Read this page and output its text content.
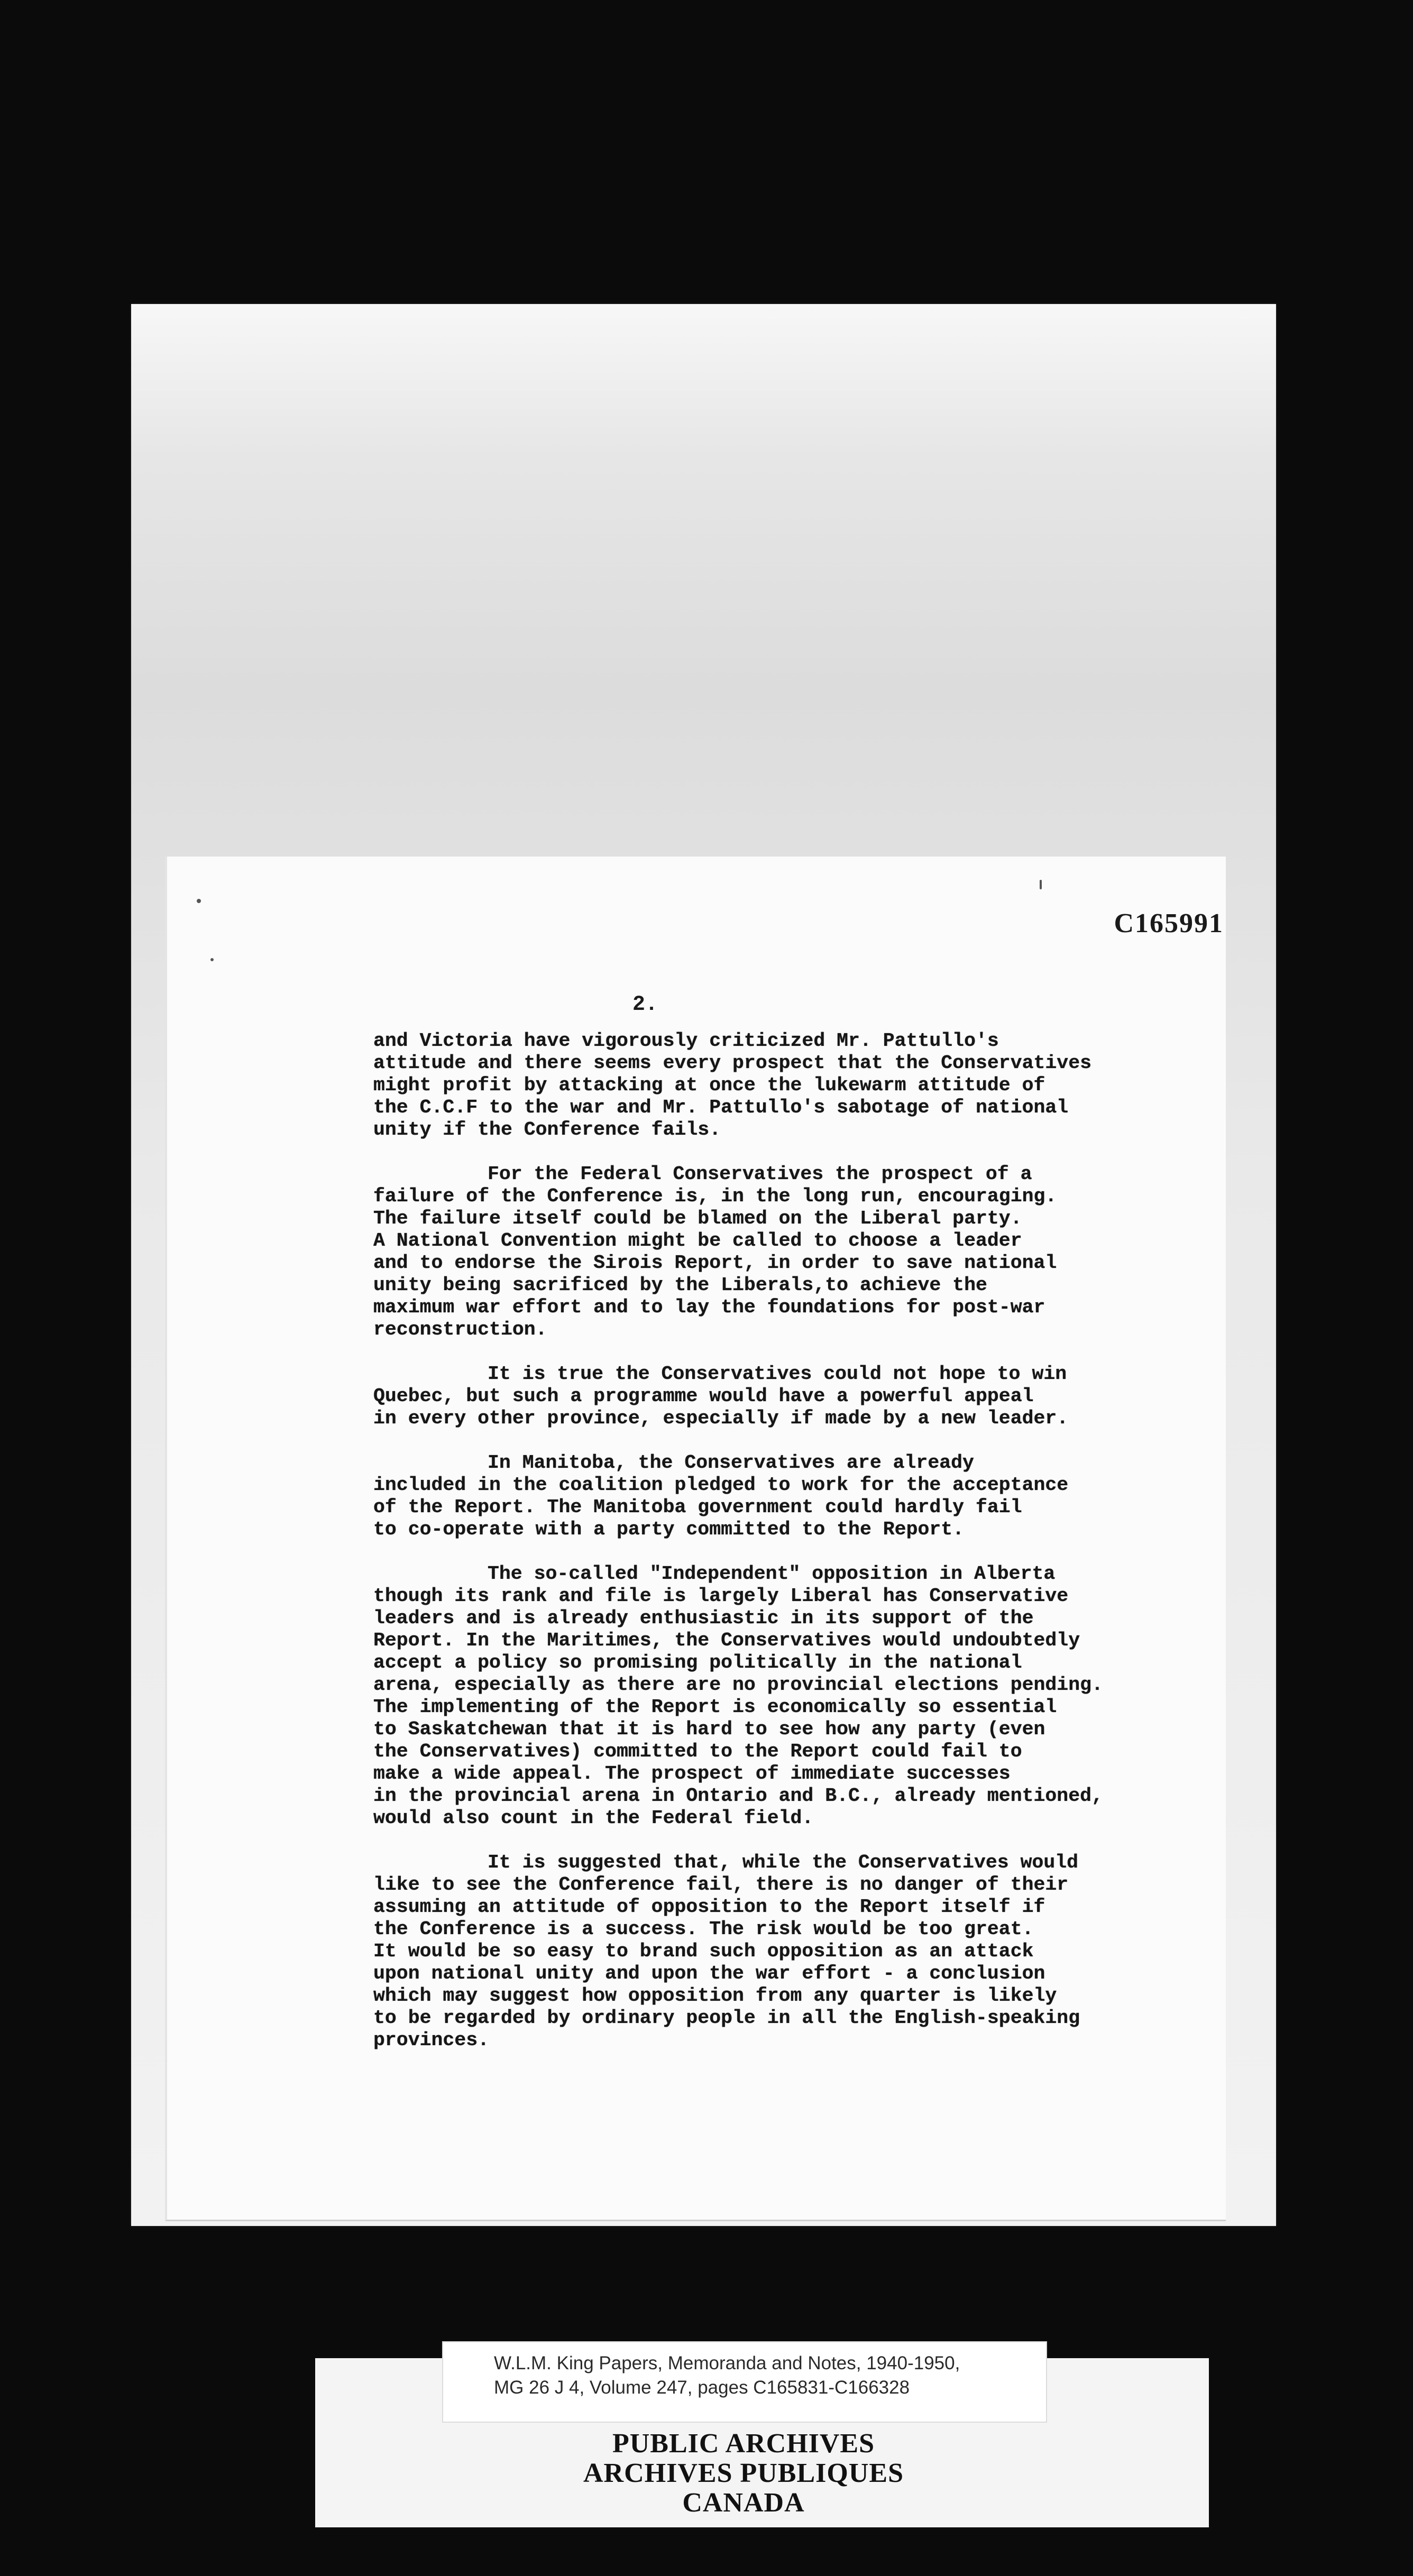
C165991
2.

and Victoria have vigorously criticized Mr. Pattullo's
attitude and there seems every prospect that the Conservatives
might profit by attacking at once the lukewarm attitude of
the C.C.F to the war and Mr. Pattullo's sabotage of national
unity if the Conference fails.

For the Federal Conservatives the prospect of a
failure of the Conference is, in the long run, encouraging.
The failure itself could be blamed on the Liberal party.
A National Convention might be called to choose a leader
and to endorse the Sirois Report, in order to save national
unity being sacrificed by the Liberals,to achieve the
maximum war effort and to lay the foundations for post-war
reconstruction.

It is true the Conservatives could not hope to win
Quebec, but such a programme would have a powerful appeal
in every other province, especially if made by a new leader.

In Manitoba, the Conservatives are already
included in the coalition pledged to work for the acceptance
of the Report. The Manitoba government could hardly fail
to co-operate with a party committed to the Report.

The so-called "Independent" opposition in Alberta
though its rank and file is largely Liberal has Conservative
leaders and is already enthusiastic in its support of the
Report. In the Maritimes, the Conservatives would undoubtedly
accept a policy so promising politically in the national
arena, especially as there are no provincial elections pending.
The implementing of the Report is economically so essential
to Saskatchewan that it is hard to see how any party (even
the Conservatives) committed to the Report could fail to
make a wide appeal. The prospect of immediate successes
in the provincial arena in Ontario and B.C., already mentioned,
would also count in the Federal field.

It is suggested that, while the Conservatives would
like to see the Conference fail, there is no danger of their
assuming an attitude of opposition to the Report itself if
the Conference is a success. The risk would be too great.
It would be so easy to brand such opposition as an attack
upon national unity and upon the war effort - a conclusion
which may suggest how opposition from any quarter is likely
to be regarded by ordinary people in all the English-speaking
provinces.

W.L.M. King Papers, Memoranda and Notes, 1940-1950,
MG 26 J 4, Volume 247, pages C165831-C166328
PUBLIC ARCHIVES
ARCHIVES PUBLIQUES
CANADA
